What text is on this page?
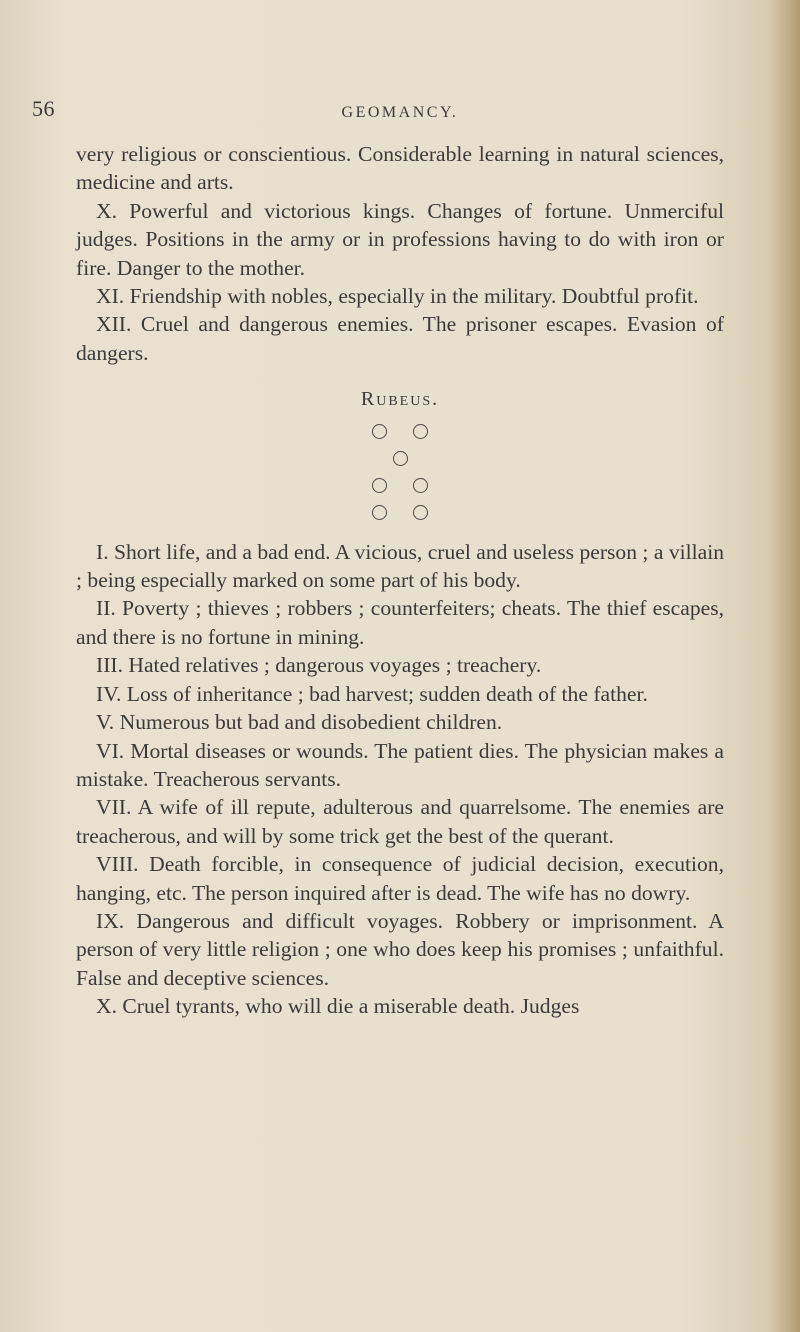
56	GEOMANCY.

very religious or conscientious. Considerable learning in natural sciences, medicine and arts.

X. Powerful and victorious kings. Changes of fortune. Unmerciful judges. Positions in the army or in professions having to do with iron or fire. Danger to the mother.

XI. Friendship with nobles, especially in the military. Doubtful profit.

XII. Cruel and dangerous enemies. The prisoner escapes. Evasion of dangers.

Rubeus.

I. Short life, and a bad end. A vicious, cruel and useless person ; a villain ; being especially marked on some part of his body.

II. Poverty ; thieves ; robbers ; counterfeiters; cheats. The thief escapes, and there is no fortune in mining.

III. Hated relatives ; dangerous voyages ; treachery.

IV. Loss of inheritance ; bad harvest; sudden death of the father.

V. Numerous but bad and disobedient children.

VI. Mortal diseases or wounds. The patient dies. The physician makes a mistake. Treacherous servants.

VII. A wife of ill repute, adulterous and quarrelsome. The enemies are treacherous, and will by some trick get the best of the querant.

VIII. Death forcible, in consequence of judicial decision, execution, hanging, etc. The person inquired after is dead. The wife has no dowry.

IX. Dangerous and difficult voyages. Robbery or imprisonment. A person of very little religion ; one who does keep his promises ; unfaithful. False and deceptive sciences.

X. Cruel tyrants, who will die a miserable death. Judges
